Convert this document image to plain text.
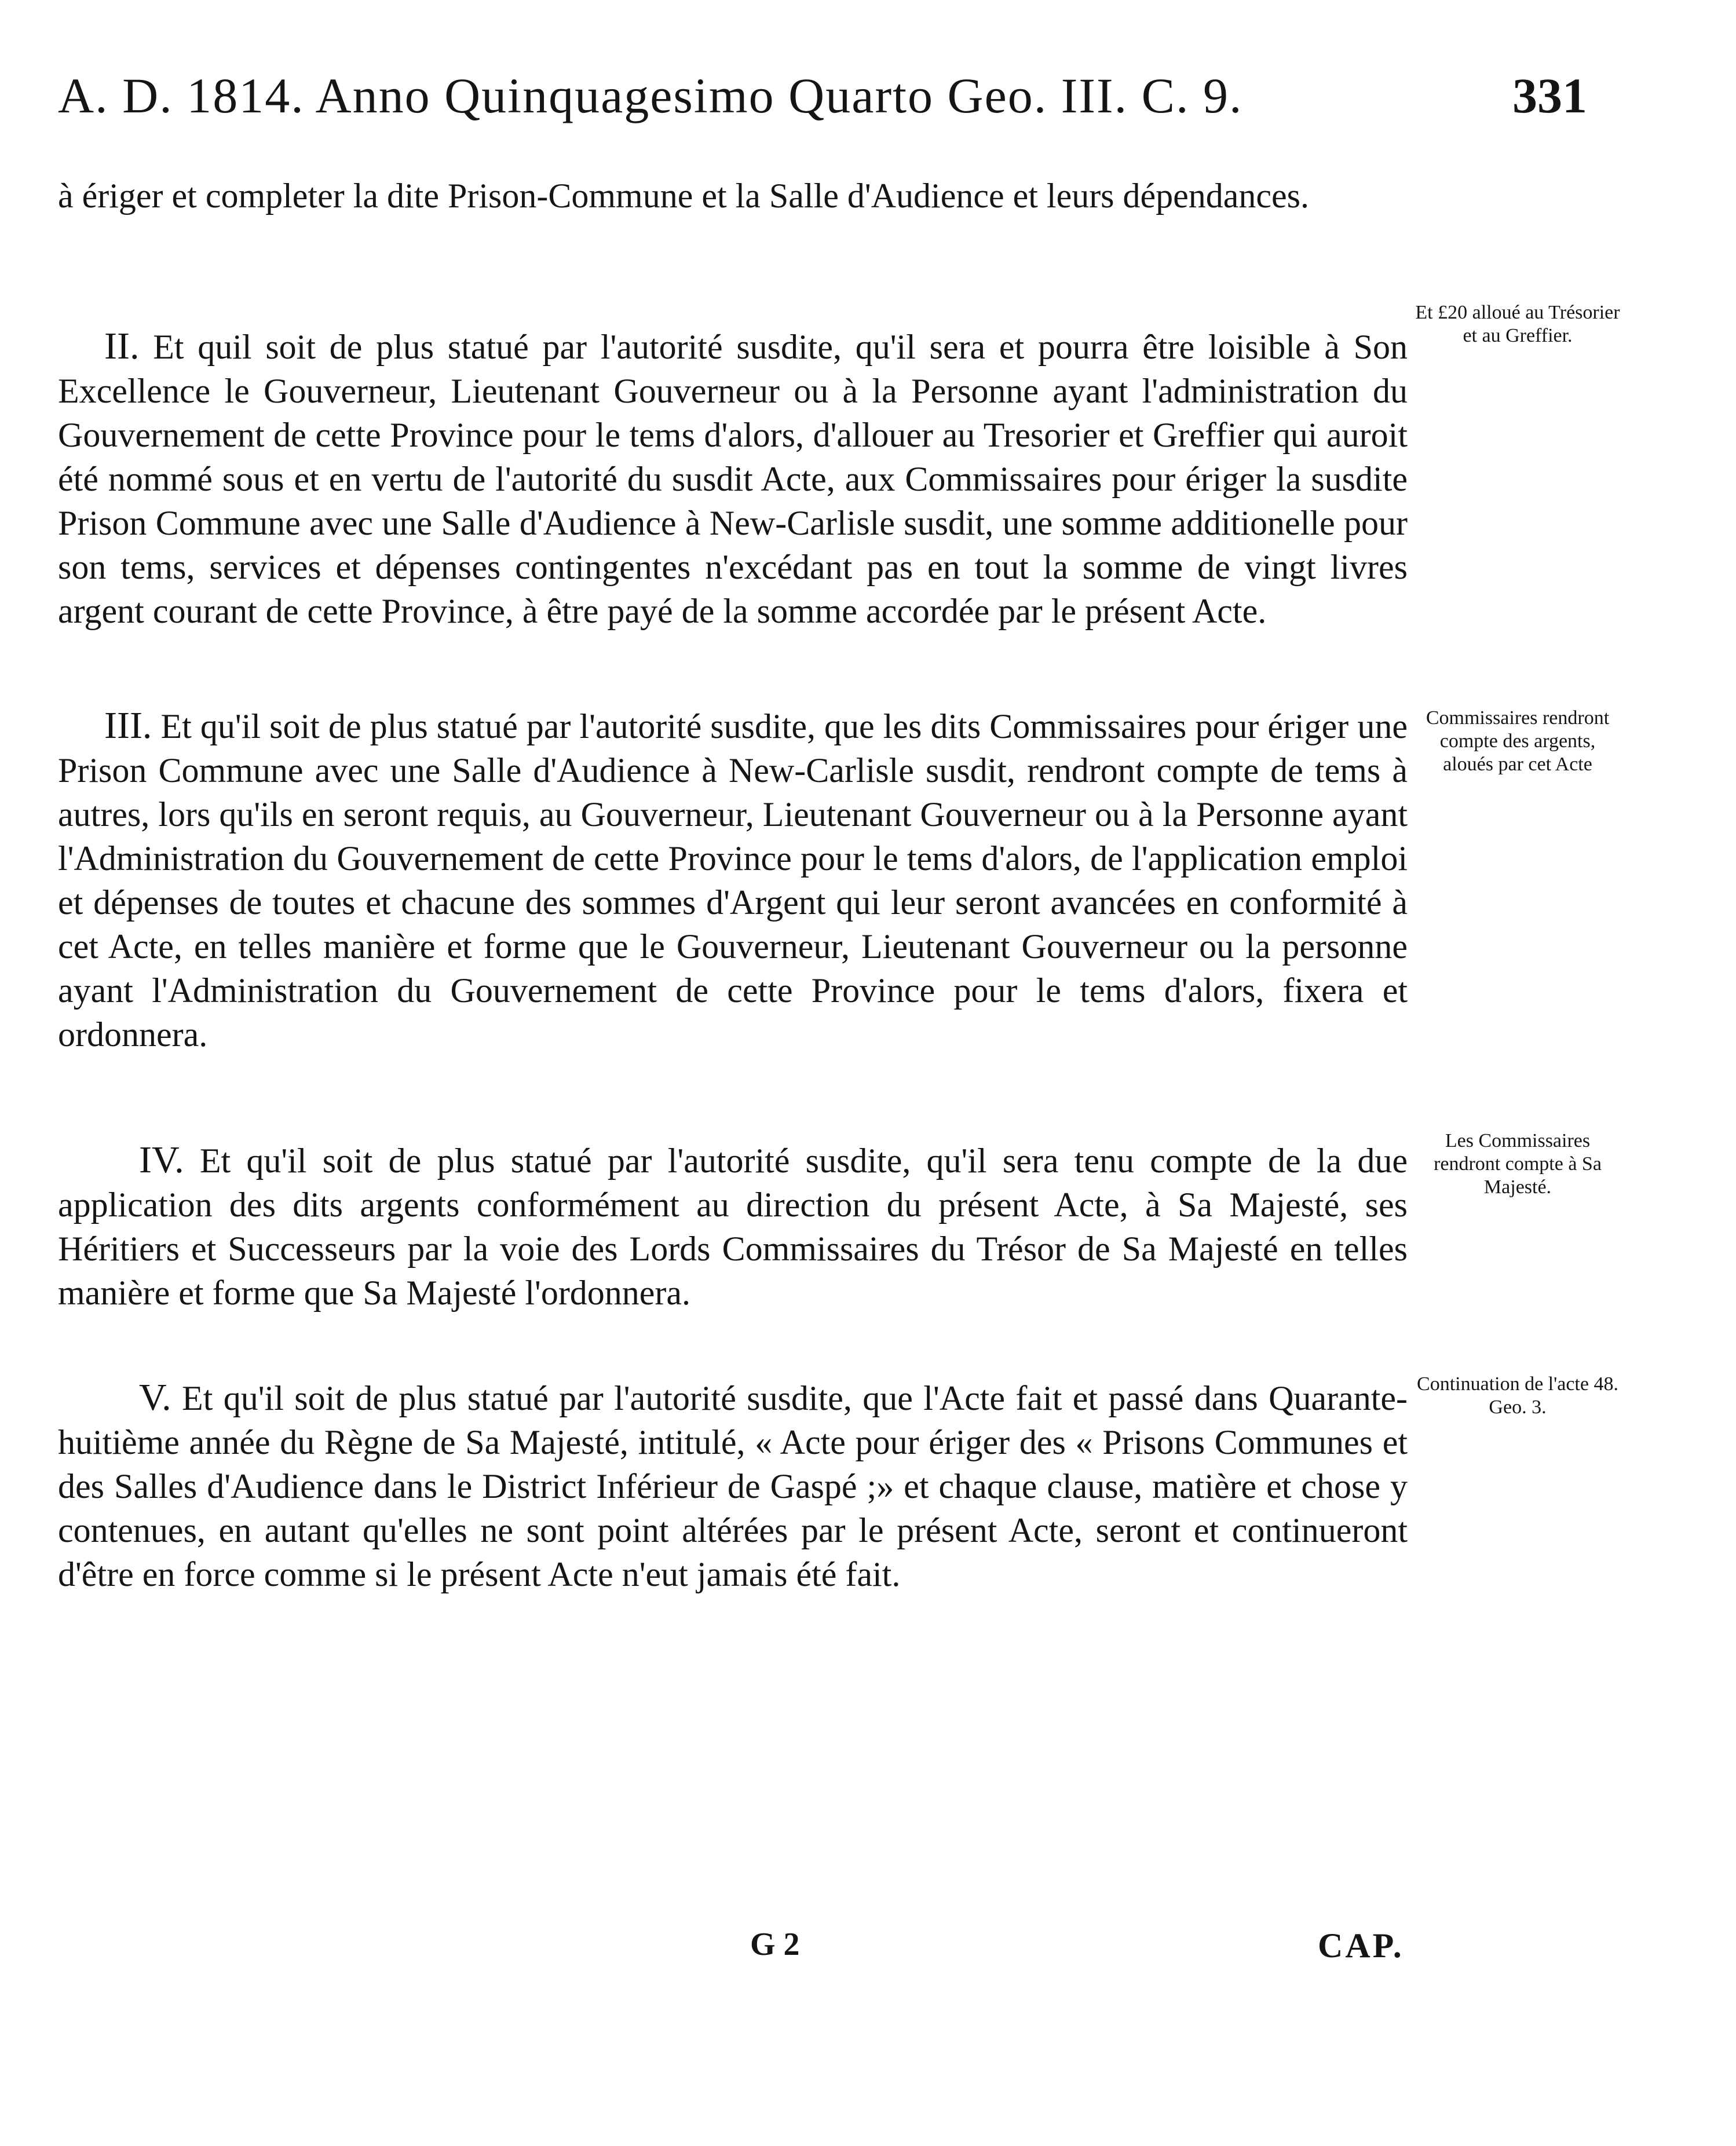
A. D. 1814. Anno Quinquagesimo Quarto Geo. III. C. 9.	331
à ériger et completer la dite Prison-Commune et la Salle d'Audience et leurs dépendances.
II. Et quil soit de plus statué par l'autorité susdite, qu'il sera et pourra être loisible à Son Excellence le Gouverneur, Lieutenant Gouverneur ou à la Personne ayant l'administration du Gouvernement de cette Province pour le tems d'alors, d'allouer au Tresorier et Greffier qui auroit été nommé sous et en vertu de l'autorité du susdit Acte, aux Commissaires pour ériger la susdite Prison Commune avec une Salle d'Audience à New-Carlisle susdit, une somme additionelle pour son tems, services et dépenses contingentes n'excédant pas en tout la somme de vingt livres argent courant de cette Province, à être payé de la somme accordée par le présent Acte.
Et £20 alloué au Trésorier et au Greffier.
III. Et qu'il soit de plus statué par l'autorité susdite, que les dits Commissaires pour ériger une Prison Commune avec une Salle d'Audience à New-Carlisle susdit, rendront compte de tems à autres, lors qu'ils en seront requis, au Gouverneur, Lieutenant Gouverneur ou à la Personne ayant l'Administration du Gouvernement de cette Province pour le tems d'alors, de l'application emploi et dépenses de toutes et chacune des sommes d'Argent qui leur seront avancées en conformité à cet Acte, en telles manière et forme que le Gouverneur, Lieutenant Gouverneur ou la personne ayant l'Administration du Gouvernement de cette Province pour le tems d'alors, fixera et ordonnera.
Commissaires rendront compte des argents, aloués par cet Acte
IV. Et qu'il soit de plus statué par l'autorité susdite, qu'il sera tenu compte de la due application des dits argents conformément au direction du présent Acte, à Sa Majesté, ses Héritiers et Successeurs par la voie des Lords Commissaires du Trésor de Sa Majesté en telles manière et forme que Sa Majesté l'ordonnera.
Les Commissaires rendront compte à Sa Majesté.
V. Et qu'il soit de plus statué par l'autorité susdite, que l'Acte fait et passé dans Quarante-huitième année du Règne de Sa Majesté, intitulé, « Acte pour ériger des « Prisons Communes et des Salles d'Audience dans le District Inférieur de Gaspé ;» et chaque clause, matière et chose y contenues, en autant qu'elles ne sont point altérées par le présent Acte, seront et continueront d'être en force comme si le présent Acte n'eut jamais été fait.
Continuation de l'acte 48. Geo. 3.
G 2	CAP.
